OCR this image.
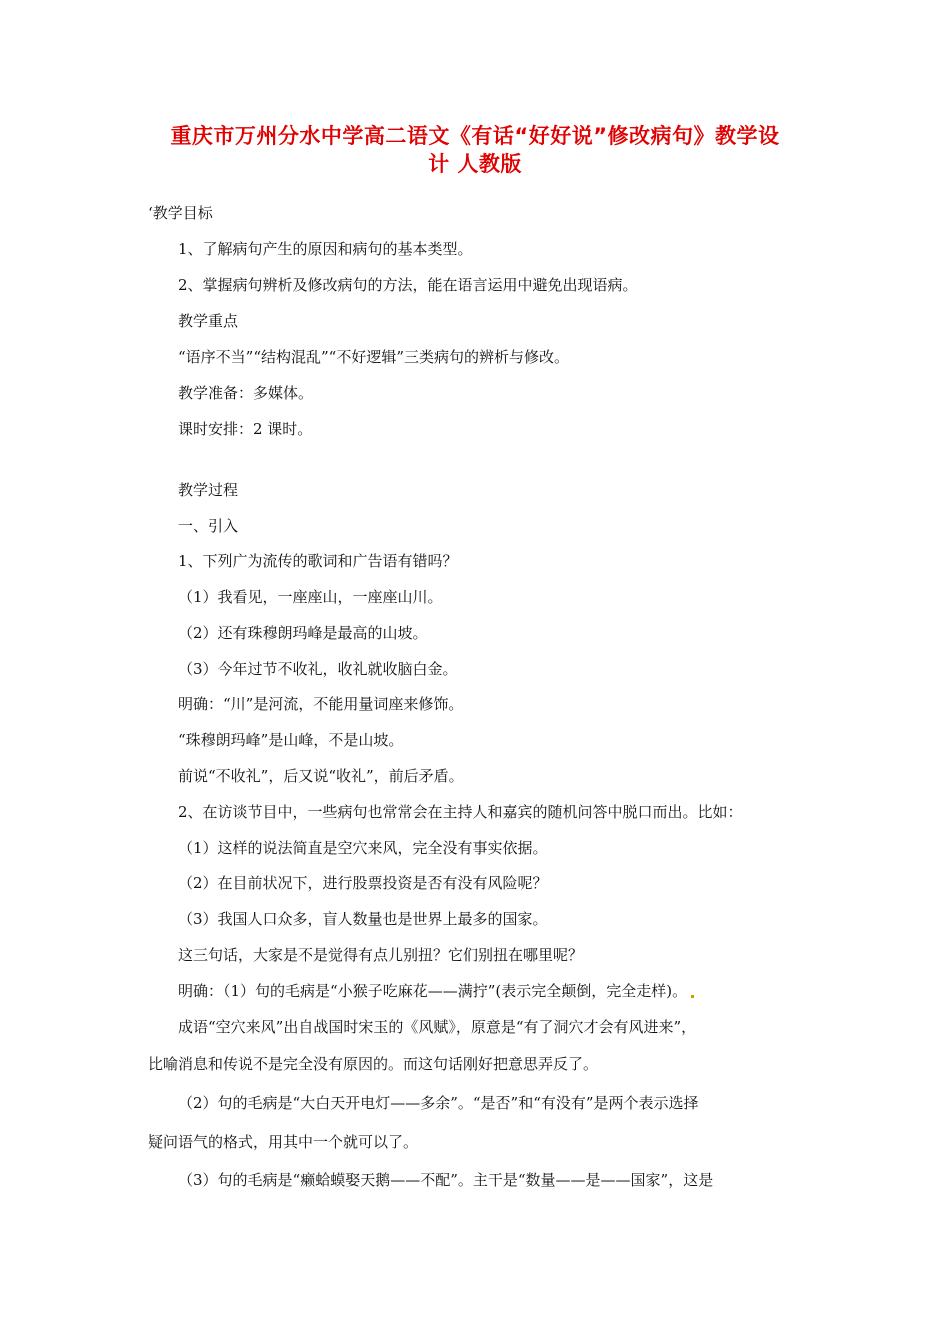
重庆市万州分水中学高二语文《有话“好好说”修改病句》教学设
计 人教版
‘教学目标
1、了解病句产生的原因和病句的基本类型。
2、掌握病句辨析及修改病句的方法，能在语言运用中避免出现语病。
教学重点
“语序不当”“结构混乱”“不好逻辑”三类病句的辨析与修改。
教学准备：多媒体。
课时安排：2 课时。
教学过程
一、引入
1、下列广为流传的歌词和广告语有错吗？
（1）我看见，一座座山，一座座山川。
（2）还有珠穆朗玛峰是最高的山坡。
（3）今年过节不收礼，收礼就收脑白金。
明确：“川”是河流，不能用量词座来修饰。
“珠穆朗玛峰”是山峰，不是山坡。
前说“不收礼”，后又说“收礼”，前后矛盾。
2、在访谈节目中，一些病句也常常会在主持人和嘉宾的随机问答中脱口而出。比如：
（1）这样的说法简直是空穴来风，完全没有事实依据。
（2）在目前状况下，进行股票投资是否有没有风险呢？
（3）我国人口众多，盲人数量也是世界上最多的国家。
这三句话，大家是不是觉得有点儿别扭？它们别扭在哪里呢？
明确：（1）句的毛病是“小猴子吃麻花——满拧”(表示完全颠倒，完全走样)。
成语“空穴来风”出自战国时宋玉的《风赋》，原意是“有了洞穴才会有风进来”，
比喻消息和传说不是完全没有原因的。而这句话刚好把意思弄反了。
（2）句的毛病是“大白天开电灯——多余”。“是否”和“有没有”是两个表示选择
疑问语气的格式，用其中一个就可以了。
（3）句的毛病是“癞蛤蟆娶天鹅——不配”。主干是“数量——是——国家”，这是
